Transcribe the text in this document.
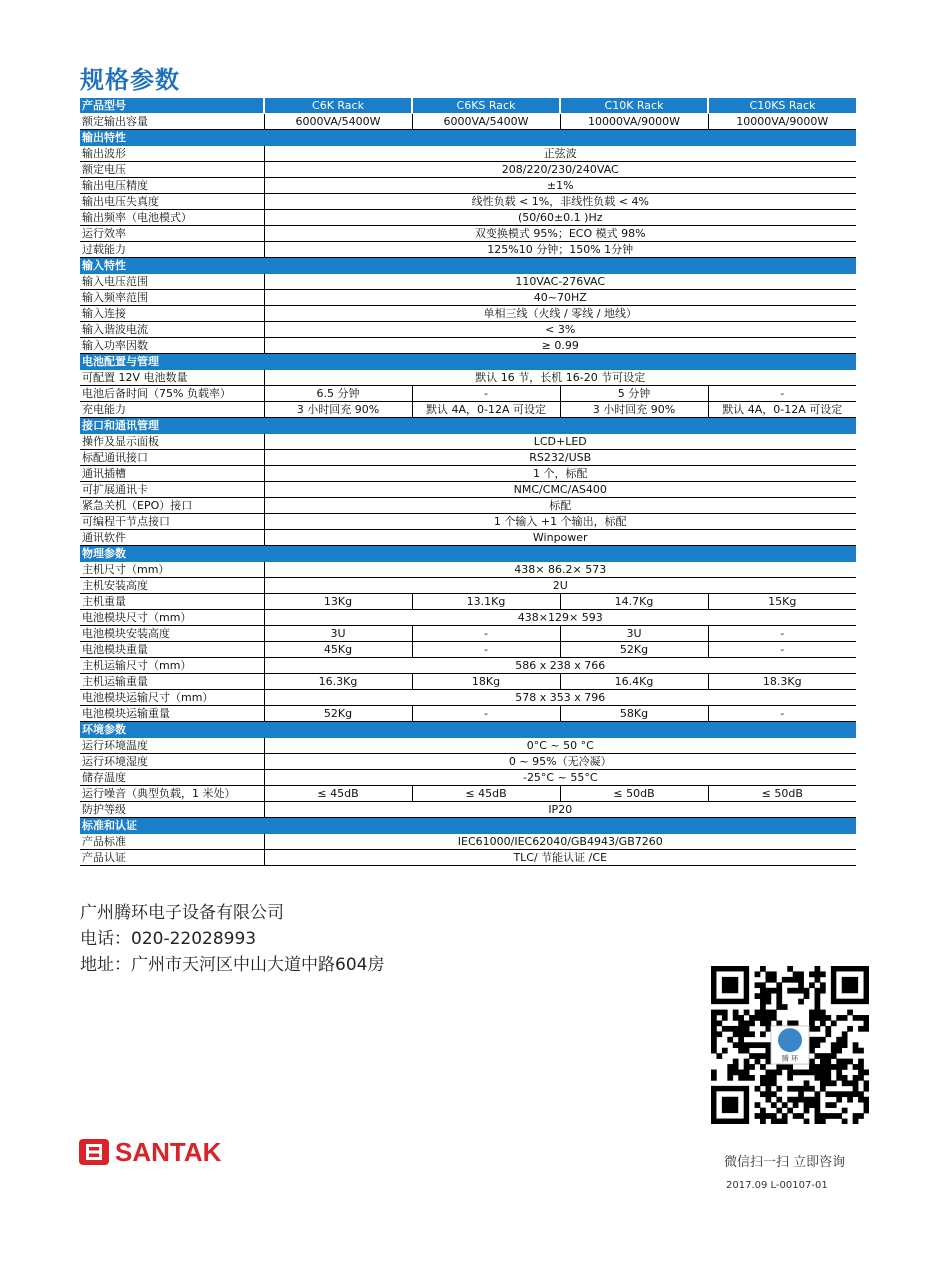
规格参数
产品型号	C6K Rack	C6KS Rack	C10K Rack	C10KS Rack
额定输出容量	6000VA/5400W	6000VA/5400W	10000VA/9000W	10000VA/9000W
输出特性				
输出波形	正弦波			
额定电压	208/220/230/240VAC			
输出电压精度	±1%			
输出电压失真度	线性负载 < 1%，非线性负载 < 4%			
输出频率（电池模式）	(50/60±0.1 )Hz			
运行效率	双变换模式 95%；ECO 模式 98%			
过载能力	125%10 分钟；150% 1分钟			
输入特性				
输入电压范围	110VAC-276VAC			
输入频率范围	40~70HZ			
输入连接	单相三线（火线 / 零线 / 地线）			
输入谐波电流	< 3%			
输入功率因数	≥ 0.99			
电池配置与管理				
可配置 12V 电池数量	默认 16 节，长机 16-20 节可设定			
电池后备时间（75% 负载率）	6.5 分钟	-	5 分钟	-
充电能力	3 小时回充 90%	默认 4A，0-12A 可设定	3 小时回充 90%	默认 4A，0-12A 可设定
接口和通讯管理				
操作及显示面板	LCD+LED			
标配通讯接口	RS232/USB			
通讯插槽	1 个，标配			
可扩展通讯卡	NMC/CMC/AS400			
紧急关机（EPO）接口	标配			
可编程干节点接口	1 个输入 +1 个输出，标配			
通讯软件	Winpower			
物理参数				
主机尺寸（mm）	438× 86.2× 573			
主机安装高度	2U			
主机重量	13Kg	13.1Kg	14.7Kg	15Kg
电池模块尺寸（mm）	438×129× 593			
电池模块安装高度	3U	-	3U	-
电池模块重量	45Kg	-	52Kg	-
主机运输尺寸（mm）	586 x 238 x 766			
主机运输重量	16.3Kg	18Kg	16.4Kg	18.3Kg
电池模块运输尺寸（mm）	578 x 353 x 796			
电池模块运输重量	52Kg	-	58Kg	-
环境参数				
运行环境温度	0°C ~ 50 °C			
运行环境湿度	0 ~ 95%（无冷凝）			
储存温度	-25°C ~ 55°C			
运行噪音（典型负载，1 米处）	≤ 45dB	≤ 45dB	≤ 50dB	≤ 50dB
防护等级	IP20			
标准和认证				
产品标准	IEC61000/IEC62040/GB4943/GB7260			
产品认证	TLC/ 节能认证 /CE			
广州腾环电子设备有限公司
电话：020-22028993
地址：广州市天河区中山大道中路604房
腾 环
微信扫一扫 立即咨询
2017.09 L-00107-01
SANTAK
